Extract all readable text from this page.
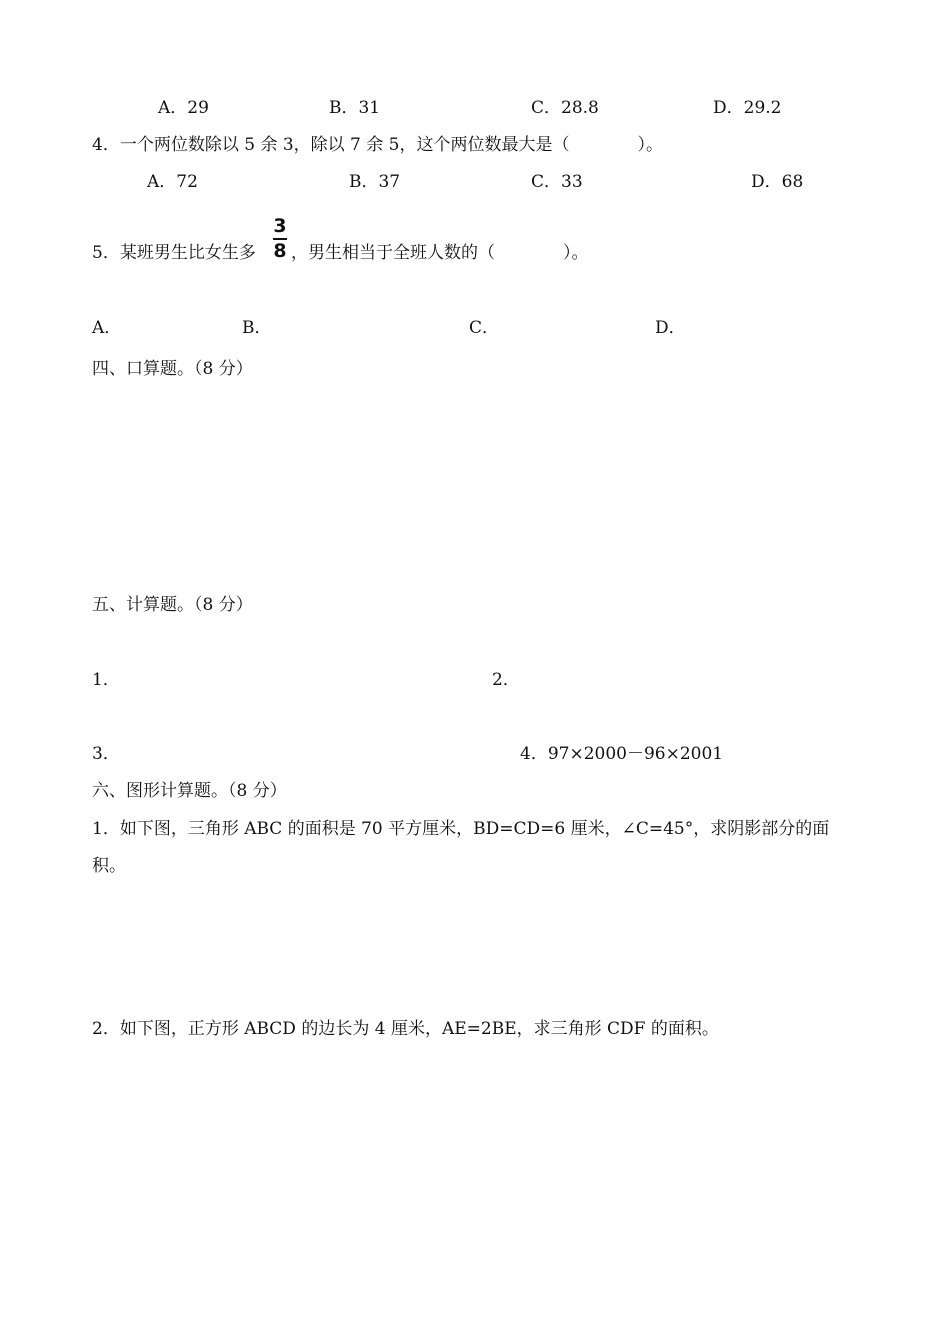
A．29	B．31	C．28.8	D．29.2
4．一个两位数除以 5 余 3，除以 7 余 5，这个两位数最大是（　　　　）。
A．72	B．37	C．33	D．68
5．某班男生比女生多
3
8 ，男生相当于全班人数的（　　　　）。
A．	B．	C．	D．
四、口算题。（8 分）
五、计算题。（8 分）
1．	2．
3．	4．97×2000－96×2001
六、图形计算题。（8 分）
1．如下图，三角形 ABC 的面积是 70 平方厘米，BD=CD=6 厘米，∠C=45°，求阴影部分的面
积。
2．如下图，正方形 ABCD 的边长为 4 厘米，AE=2BE，求三角形 CDF 的面积。
